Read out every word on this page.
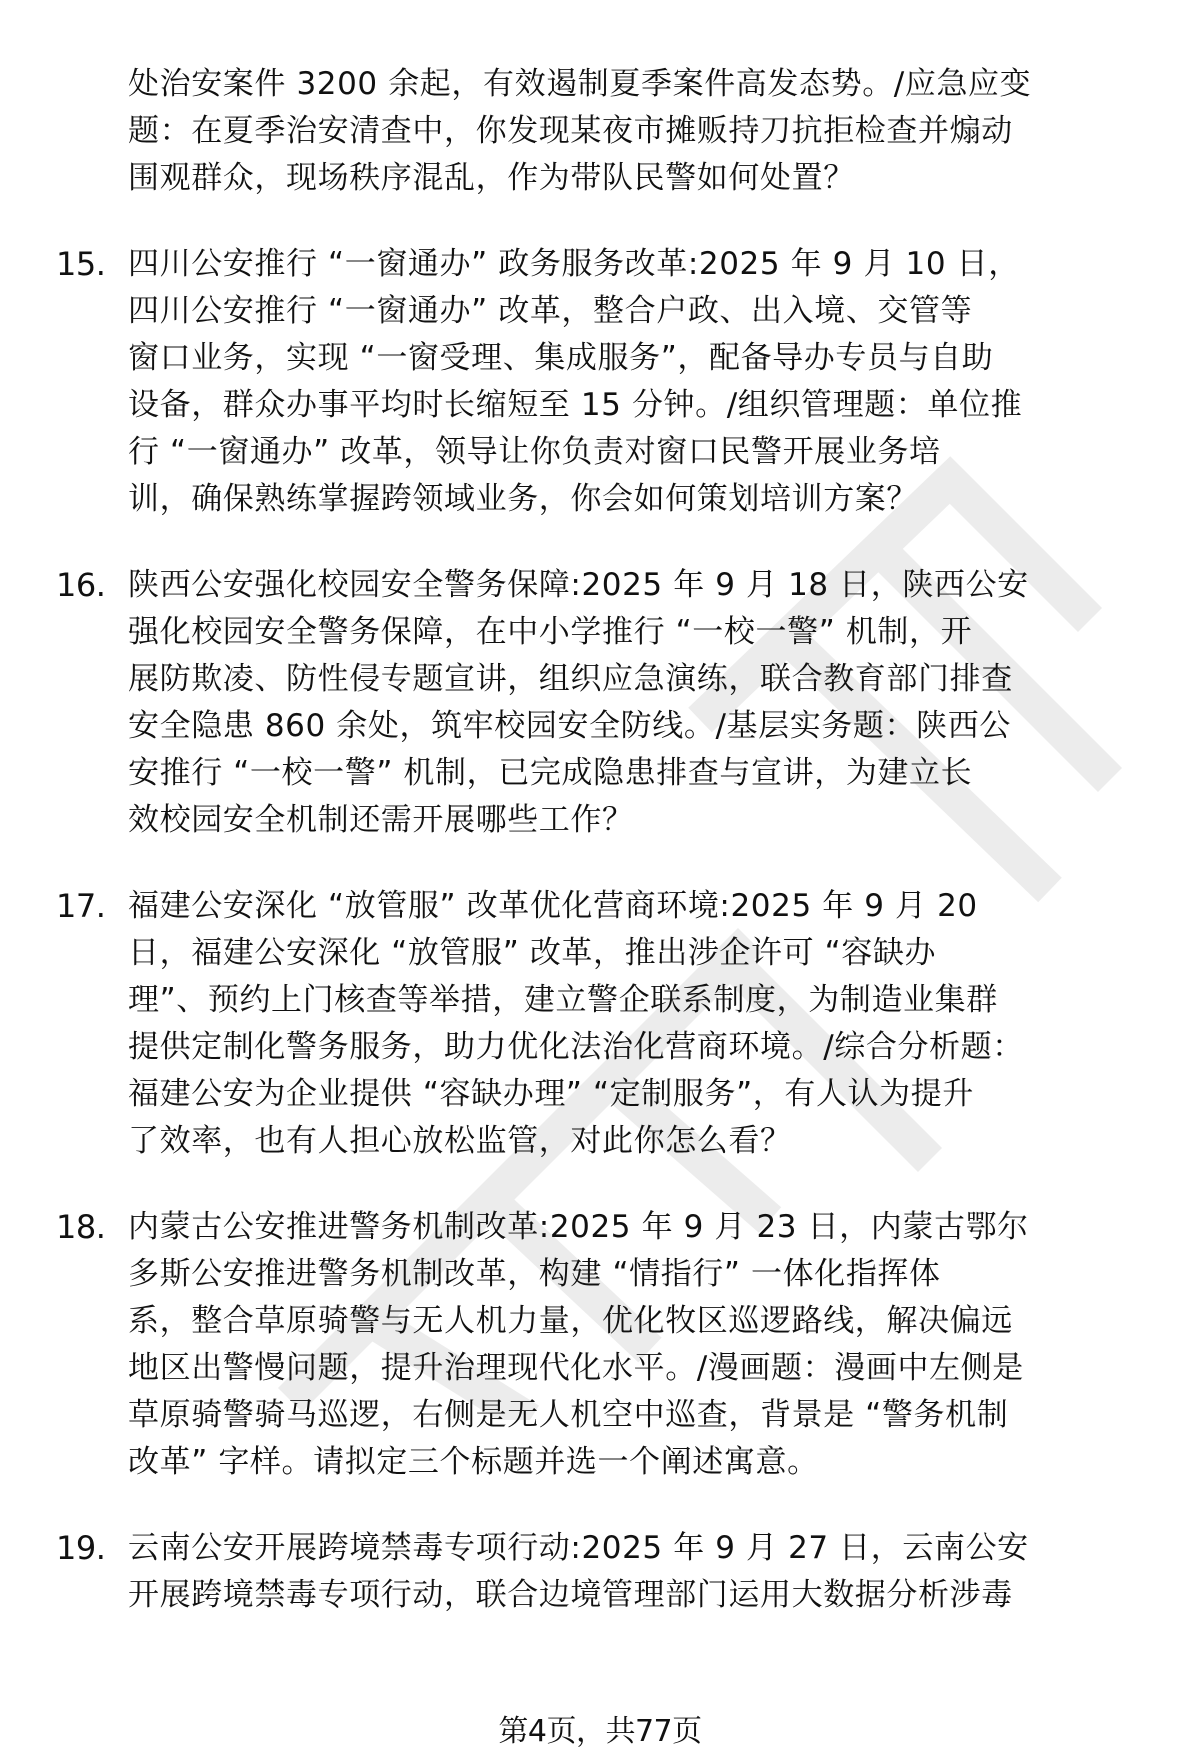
处治安案件 3200 余起，有效遏制夏季案件高发态势。/应急应变
题：在夏季治安清查中，你发现某夜市摊贩持刀抗拒检查并煽动
围观群众，现场秩序混乱，作为带队民警如何处置？
15. 四川公安推行 “一窗通办” 政务服务改革:2025 年 9 月 10 日，
四川公安推行 “一窗通办” 改革，整合户政、出入境、交管等
窗口业务，实现 “一窗受理、集成服务”，配备导办专员与自助
设备，群众办事平均时长缩短至 15 分钟。/组织管理题：单位推
行 “一窗通办” 改革，领导让你负责对窗口民警开展业务培
训，确保熟练掌握跨领域业务，你会如何策划培训方案？
16. 陕西公安强化校园安全警务保障:2025 年 9 月 18 日，陕西公安
强化校园安全警务保障，在中小学推行 “一校一警” 机制，开
展防欺凌、防性侵专题宣讲，组织应急演练，联合教育部门排查
安全隐患 860 余处，筑牢校园安全防线。/基层实务题：陕西公
安推行 “一校一警” 机制，已完成隐患排查与宣讲，为建立长
效校园安全机制还需开展哪些工作？
17. 福建公安深化 “放管服” 改革优化营商环境:2025 年 9 月 20
日，福建公安深化 “放管服” 改革，推出涉企许可 “容缺办
理”、预约上门核查等举措，建立警企联系制度，为制造业集群
提供定制化警务服务，助力优化法治化营商环境。/综合分析题：
福建公安为企业提供 “容缺办理” “定制服务”，有人认为提升
了效率，也有人担心放松监管，对此你怎么看？
18. 内蒙古公安推进警务机制改革:2025 年 9 月 23 日，内蒙古鄂尔
多斯公安推进警务机制改革，构建 “情指行” 一体化指挥体
系，整合草原骑警与无人机力量，优化牧区巡逻路线，解决偏远
地区出警慢问题，提升治理现代化水平。/漫画题：漫画中左侧是
草原骑警骑马巡逻，右侧是无人机空中巡查，背景是 “警务机制
改革” 字样。请拟定三个标题并选一个阐述寓意。
19. 云南公安开展跨境禁毒专项行动:2025 年 9 月 27 日，云南公安
开展跨境禁毒专项行动，联合边境管理部门运用大数据分析涉毒
第4页，共77页
